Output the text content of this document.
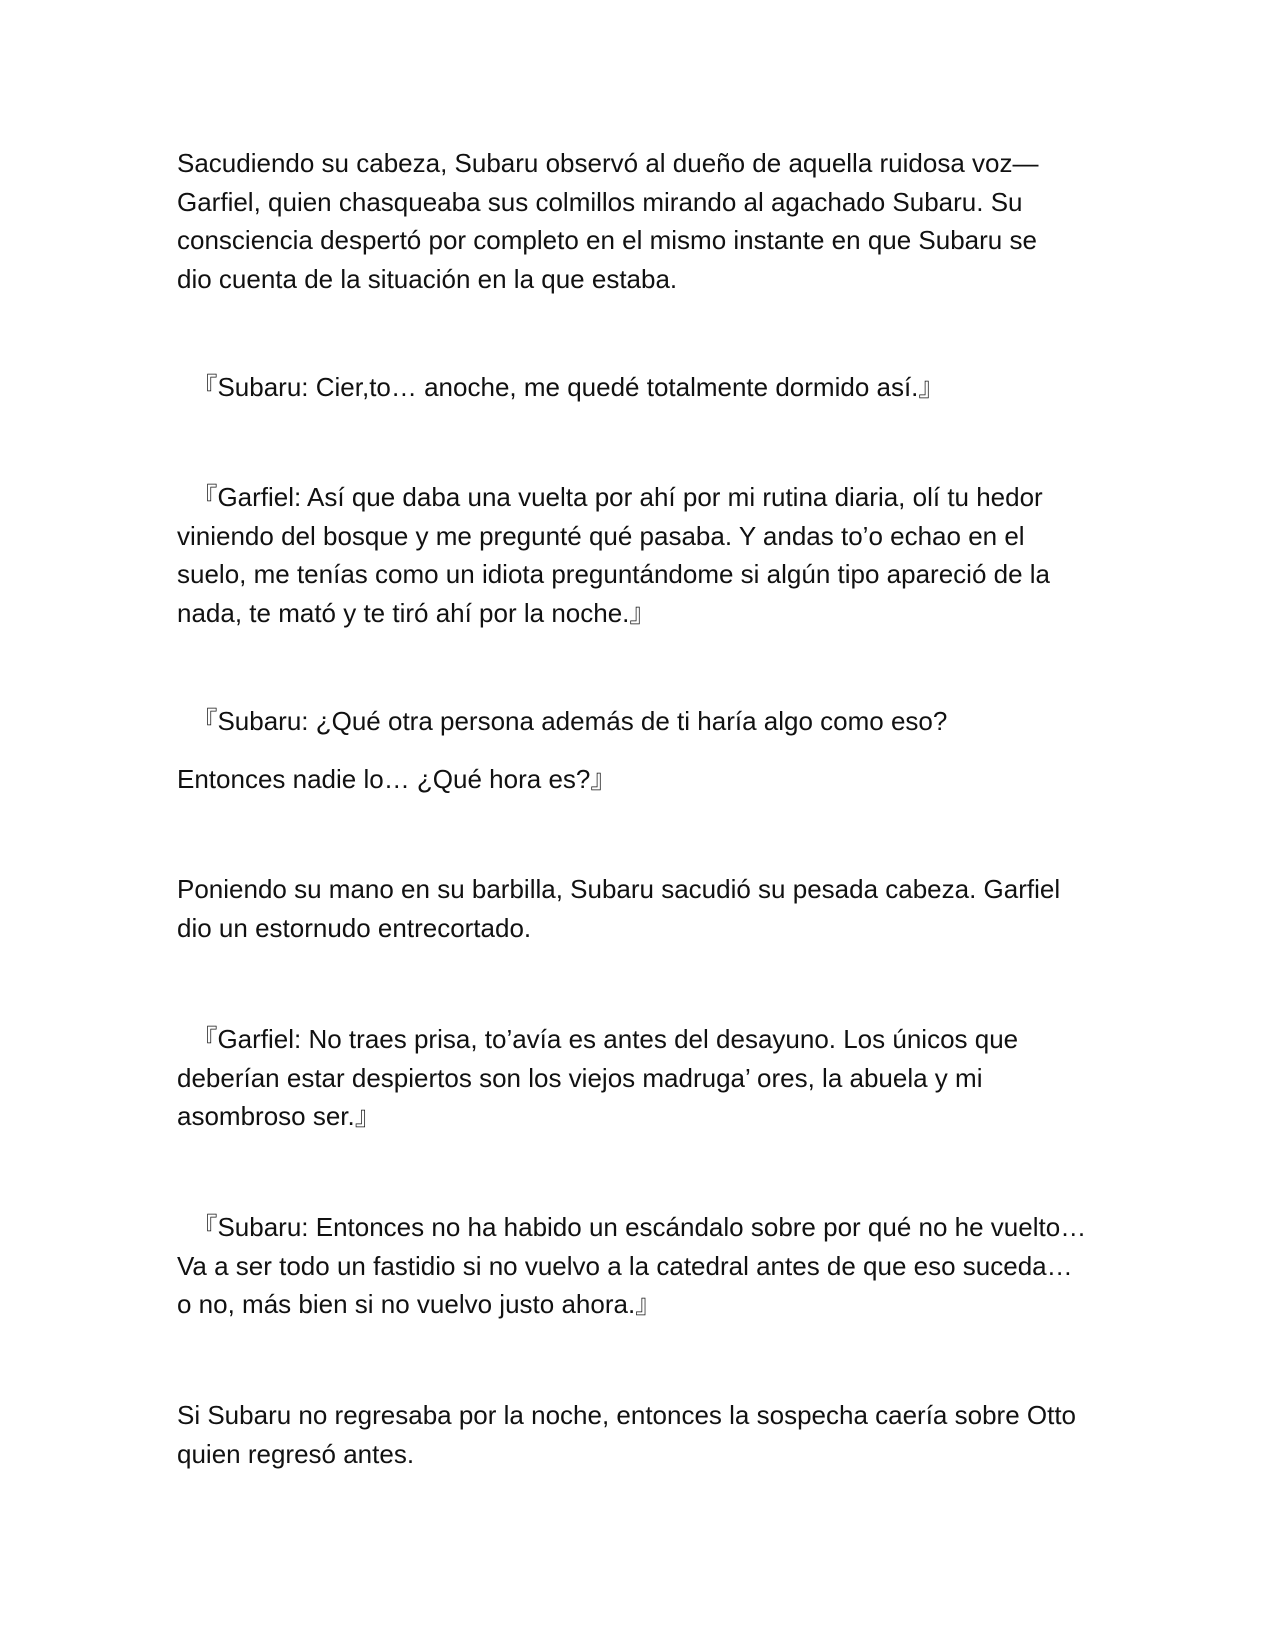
Sacudiendo su cabeza, Subaru observó al dueño de aquella ruidosa voz—
Garfiel, quien chasqueaba sus colmillos mirando al agachado Subaru. Su
consciencia despertó por completo en el mismo instante en que Subaru se
dio cuenta de la situación en la que estaba.
『Subaru: Cier,to… anoche, me quedé totalmente dormido así.』
『Garfiel: Así que daba una vuelta por ahí por mi rutina diaria, olí tu hedor
viniendo del bosque y me pregunté qué pasaba. Y andas to’o echao en el
suelo, me tenías como un idiota preguntándome si algún tipo apareció de la
nada, te mató y te tiró ahí por la noche.』
『Subaru: ¿Qué otra persona además de ti haría algo como eso?
Entonces nadie lo… ¿Qué hora es?』
Poniendo su mano en su barbilla, Subaru sacudió su pesada cabeza. Garfiel
dio un estornudo entrecortado.
『Garfiel: No traes prisa, to’avía es antes del desayuno. Los únicos que
deberían estar despiertos son los viejos madruga’ ores, la abuela y mi
asombroso ser.』
『Subaru: Entonces no ha habido un escándalo sobre por qué no he vuelto…
Va a ser todo un fastidio si no vuelvo a la catedral antes de que eso suceda…
o no, más bien si no vuelvo justo ahora.』
Si Subaru no regresaba por la noche, entonces la sospecha caería sobre Otto
quien regresó antes.
